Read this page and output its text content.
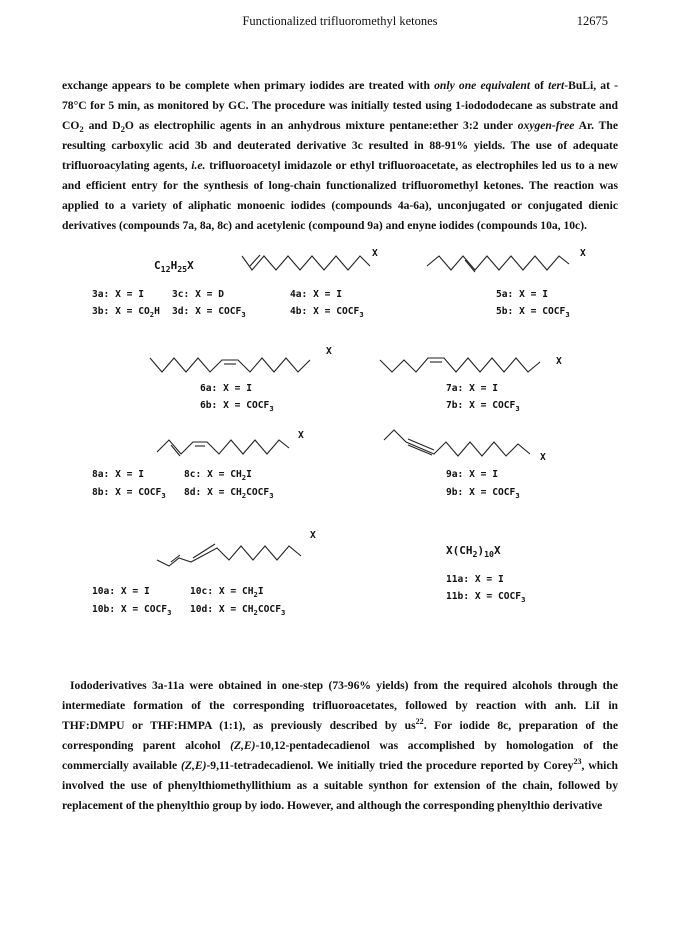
Functionalized trifluoromethyl ketones	12675
exchange appears to be complete when primary iodides are treated with only one equivalent of tert-BuLi, at -
78°C for 5 min, as monitored by GC. The procedure was initially tested using 1-iodododecane as substrate and
$CO_2$ and $D_2O$ as electrophilic agents in an anhydrous mixture pentane:ether 3:2 under oxygen-free Ar. The
resulting carboxylic acid 3b and deuterated derivative 3c resulted in 88-91% yields. The use of adequate
trifluoroacylating agents, i.e. trifluoroacetyl imidazole or ethyl trifluoroacetate, as electrophiles led us to a new
and efficient entry for the synthesis of long-chain functionalized trifluoromethyl ketones. The reaction was
applied to a variety of aliphatic monoenic iodides (compounds 4a-6a), unconjugated or conjugated dienic
derivatives (compounds 7a, 8a, 8c) and acetylenic (compound 9a) and enyne iodides (compounds 10a, 10c).
$C_{12}H_{25}X$
3a: X = I	3c: X = D
3b: $X = CO_2H$ 3d: $X = COCF_3$
X
4a: X = I
4b: $X = COCF_3$
X
5a: X = I
5b: $X = COCF_3$
X
6a: X = I
6b: $X = COCF_3$
X
7a: X = I
7b: $X = COCF_3$
X
8a: X = I	8c: $X = CH_2I$
8b: $X = COCF_3$ 8d: $X = CH_2COCF_3$
X
9a: X = I
9b: $X = COCF_3$
X
10a: X = I	10c: $X = CH_2I$
10b: $X = COCF_3$ 10d: $X = CH_2COCF_3$
$X(CH_2)_{10}X$
11a: X = I
11b: $X = COCF_3$
Iododerivatives 3a-11a were obtained in one-step (73-96% yields) from the required alcohols through the
intermediate formation of the corresponding trifluoroacetates, followed by reaction with anh. LiI in
THF:DMPU or THF:HMPA (1:1), as previously described by $us^{22}$. For iodide 8c, preparation of the
corresponding parent alcohol (Z,E)-10,12-pentadecadienol was accomplished by homologation of the
commercially available (Z,E)-9,11-tetradecadienol. We initially tried the procedure reported by Corey$^{23}$, which
involved the use of phenylthiomethyllithium as a suitable synthon for extension of the chain, followed by
replacement of the phenylthio group by iodo. However, and although the corresponding phenylthio derivative
